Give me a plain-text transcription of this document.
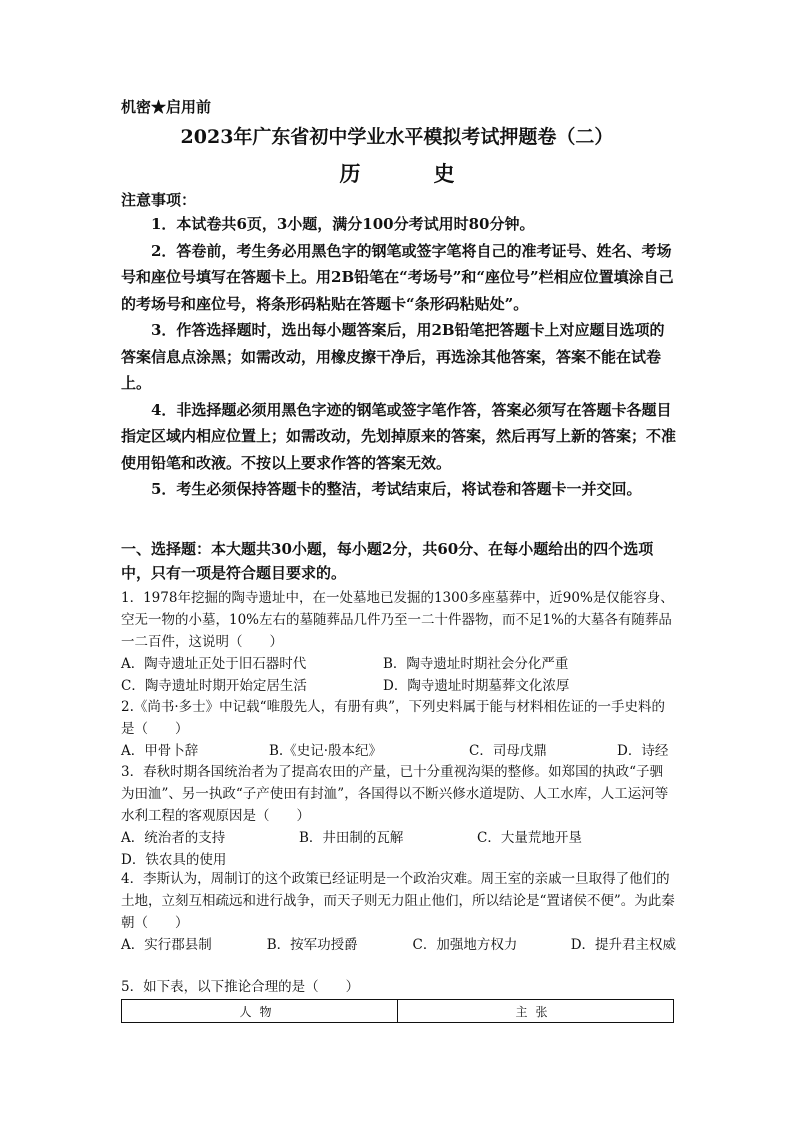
机密★启用前
2023年广东省初中学业水平模拟考试押题卷（二）
历　史
注意事项：

1．本试卷共6页，3小题，满分100分考试用时80分钟。

2．答卷前，考生务必用黑色字的钢笔或签字笔将自己的准考证号、姓名、考场号和座位号填写在答题卡上。用2B铅笔在“考场号”和“座位号”栏相应位置填涂自己的考场号和座位号，将条形码粘贴在答题卡“条形码粘贴处”。

3．作答选择题时，选出每小题答案后，用2B铅笔把答题卡上对应题目选项的答案信息点涂黑；如需改动，用橡皮擦干净后，再选涂其他答案，答案不能在试卷上。

4．非选择题必须用黑色字迹的钢笔或签字笔作答，答案必须写在答题卡各题目指定区域内相应位置上；如需改动，先划掉原来的答案，然后再写上新的答案；不准使用铅笔和改液。不按以上要求作答的答案无效。

5．考生必须保持答题卡的整洁，考试结束后，将试卷和答题卡一并交回。

一、选择题：本大题共30小题，每小题2分，共60分、在每小题给出的四个选项中，只有一项是符合题目要求的。

1．1978年挖掘的陶寺遗址中，在一处墓地已发掘的1300多座墓葬中，近90%是仅能容身、空无一物的小墓，10%左右的墓随葬品几件乃至一二十件器物，而不足1%的大墓各有随葬品一二百件，这说明（　　）

A．陶寺遗址正处于旧石器时代	B．陶寺遗址时期社会分化严重
C．陶寺遗址时期开始定居生活	D．陶寺遗址时期墓葬文化浓厚

2.《尚书·多士》中记载“唯殷先人，有册有典”，下列史料属于能与材料相佐证的一手史料的是（　　）

A．甲骨卜辞	B.《史记·殷本纪》	C．司母戊鼎	D．诗经

3．春秋时期各国统治者为了提高农田的产量，已十分重视沟渠的整修。如郑国的执政“子驷为田洫”、另一执政“子产使田有封洫”，各国得以不断兴修水道堤防、人工水库，人工运河等水利工程的客观原因是（　　）

A．统治者的支持	B．井田制的瓦解	C．大量荒地开垦
D．铁农具的使用

4．李斯认为，周制订的这个政策已经证明是一个政治灾难。周王室的亲戚一旦取得了他们的土地，立刻互相疏远和进行战争，而天子则无力阻止他们，所以结论是“置诸侯不便”。为此秦朝（　　）

A．实行郡县制	B．按军功授爵	C．加强地方权力	D．提升君主权威

5．如下表，以下推论合理的是（　　）

人物	主张
